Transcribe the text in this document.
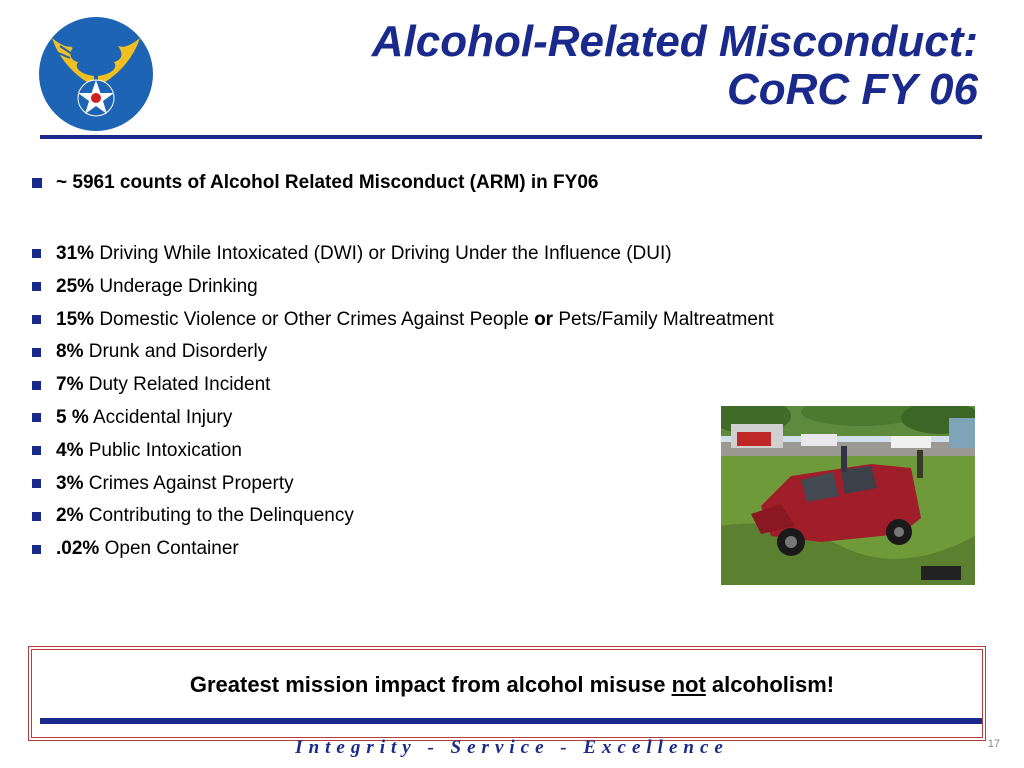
Alcohol-Related Misconduct:
CoRC FY 06
~ 5961 counts of Alcohol Related Misconduct (ARM) in FY06
31% Driving While Intoxicated (DWI) or Driving Under the Influence (DUI)
25% Underage Drinking
15% Domestic Violence or Other Crimes Against People or Pets/Family Maltreatment
8% Drunk and Disorderly
7% Duty Related Incident
5 % Accidental Injury
4% Public Intoxication
3% Crimes Against Property
2% Contributing to the Delinquency
.02% Open Container
Greatest mission impact from alcohol misuse not alcoholism!
Integrity - Service - Excellence	17
